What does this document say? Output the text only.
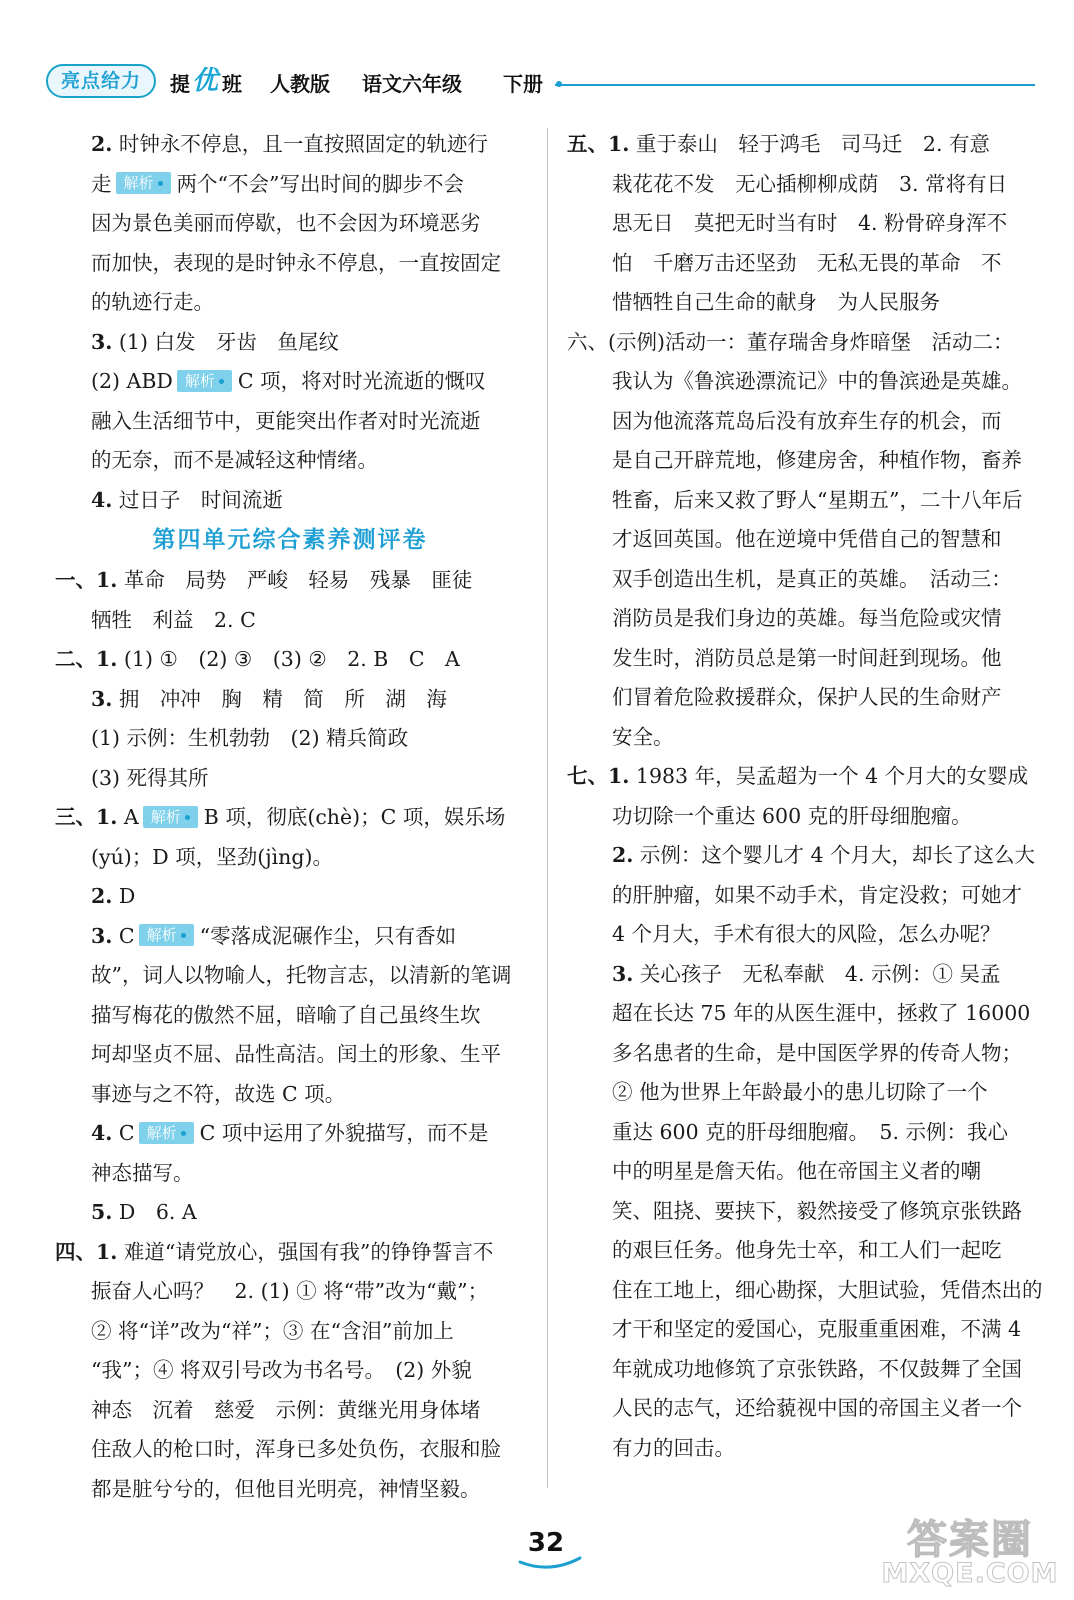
亮点给力	提 优 班 人教版 语文六年级 下册
2. 时钟永不停息，且一直按照固定的轨迹行
走 解析 两个“不会”写出时间的脚步不会
因为景色美丽而停歇，也不会因为环境恶劣
而加快，表现的是时钟永不停息，一直按固定
的轨迹行走。
3. (1) 白发　牙齿　鱼尾纹
(2) ABD 解析 C 项，将对时光流逝的慨叹
融入生活细节中，更能突出作者对时光流逝
的无奈，而不是减轻这种情绪。
4. 过日子　时间流逝
第四单元综合素养测评卷
一、1. 革命　局势　严峻　轻易　残暴　匪徒
牺牲　利益　2. C
二、1. (1) ①　(2) ③　(3) ②　2. B　C　A
3. 拥　冲冲　胸　精　简　所　湖　海
(1) 示例：生机勃勃　(2) 精兵简政
(3) 死得其所
三、1. A 解析 B 项，彻底(chè)；C 项，娱乐场
(yú)；D 项，坚劲(jìng)。
2. D
3. C 解析 “零落成泥碾作尘，只有香如
故”，词人以物喻人，托物言志，以清新的笔调
描写梅花的傲然不屈，暗喻了自己虽终生坎
坷却坚贞不屈、品性高洁。闰土的形象、生平
事迹与之不符，故选 C 项。
4. C 解析 C 项中运用了外貌描写，而不是
神态描写。
5. D　6. A
四、1. 难道“请党放心，强国有我”的铮铮誓言不
振奋人心吗？　2. (1) ① 将“带”改为“戴”；
② 将“详”改为“祥”；③ 在“含泪”前加上
“我”；④ 将双引号改为书名号。　(2) 外貌
神态　沉着　慈爱　示例：黄继光用身体堵
住敌人的枪口时，浑身已多处负伤，衣服和脸
都是脏兮兮的，但他目光明亮，神情坚毅。
五、1. 重于泰山　轻于鸿毛　司马迁　2. 有意
栽花花不发　无心插柳柳成荫　3. 常将有日
思无日　莫把无时当有时　4. 粉骨碎身浑不
怕　千磨万击还坚劲　无私无畏的革命　不
惜牺牲自己生命的献身　为人民服务
六、(示例)活动一：董存瑞舍身炸暗堡　活动二：
我认为《鲁滨逊漂流记》中的鲁滨逊是英雄。
因为他流落荒岛后没有放弃生存的机会，而
是自己开辟荒地，修建房舍，种植作物，畜养
牲畜，后来又救了野人“星期五”，二十八年后
才返回英国。他在逆境中凭借自己的智慧和
双手创造出生机，是真正的英雄。　活动三：
消防员是我们身边的英雄。每当危险或灾情
发生时，消防员总是第一时间赶到现场。他
们冒着危险救援群众，保护人民的生命财产
安全。
七、1. 1983 年，吴孟超为一个 4 个月大的女婴成
功切除一个重达 600 克的肝母细胞瘤。
2. 示例：这个婴儿才 4 个月大，却长了这么大
的肝肿瘤，如果不动手术，肯定没救；可她才
4 个月大，手术有很大的风险，怎么办呢？
3. 关心孩子　无私奉献　4. 示例：① 吴孟
超在长达 75 年的从医生涯中，拯救了 16000
多名患者的生命，是中国医学界的传奇人物；
② 他为世界上年龄最小的患儿切除了一个
重达 600 克的肝母细胞瘤。　5. 示例：我心
中的明星是詹天佑。他在帝国主义者的嘲
笑、阻挠、要挟下，毅然接受了修筑京张铁路
的艰巨任务。他身先士卒，和工人们一起吃
住在工地上，细心勘探，大胆试验，凭借杰出的
才干和坚定的爱国心，克服重重困难，不满 4
年就成功地修筑了京张铁路，不仅鼓舞了全国
人民的志气，还给藐视中国的帝国主义者一个
有力的回击。
32	答案圈
MXQE.COM
